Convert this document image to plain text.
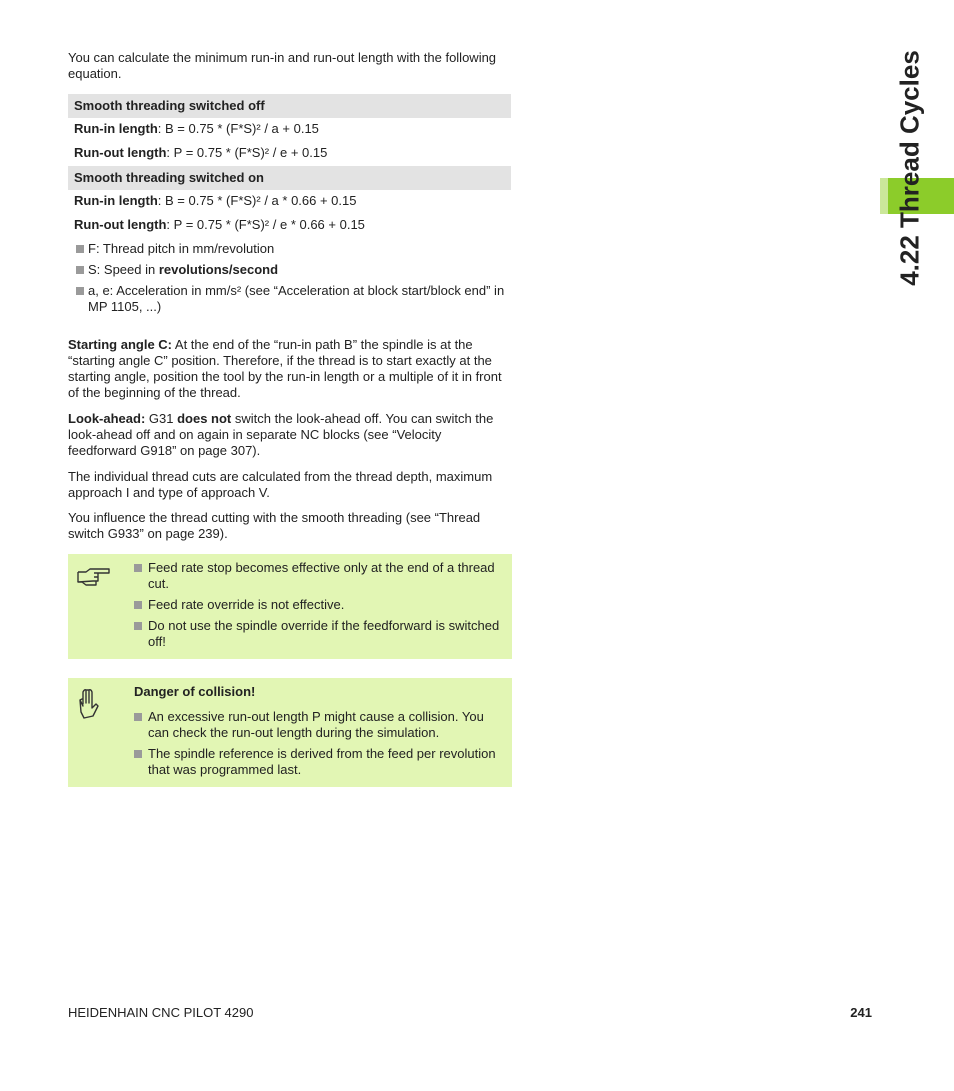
You can calculate the minimum run-in and run-out length with the following equation.

Smooth threading switched off
Run-in length: B = 0.75 * (F*S)² / a + 0.15
Run-out length: P = 0.75 * (F*S)² / e + 0.15
Smooth threading switched on
Run-in length: B = 0.75 * (F*S)² / a * 0.66 + 0.15
Run-out length: P = 0.75 * (F*S)² / e * 0.66 + 0.15
F: Thread pitch in mm/revolution
S: Speed in revolutions/second
a, e: Acceleration in mm/s² (see “Acceleration at block start/block end” in MP 1105, ...)

Starting angle C: At the end of the “run-in path B” the spindle is at the “starting angle C” position. Therefore, if the thread is to start exactly at the starting angle, position the tool by the run-in length or a multiple of it in front of the beginning of the thread.

Look-ahead: G31 does not switch the look-ahead off. You can switch the look-ahead off and on again in separate NC blocks (see “Velocity feedforward G918” on page 307).

The individual thread cuts are calculated from the thread depth, maximum approach I and type of approach V.

You influence the thread cutting with the smooth threading (see “Thread switch G933” on page 239).

Feed rate stop becomes effective only at the end of a thread cut.
Feed rate override is not effective.
Do not use the spindle override if the feedforward is switched off!
Danger of collision!
An excessive run-out length P might cause a collision. You can check the run-out length during the simulation.
The spindle reference is derived from the feed per revolution that was programmed last.
4.22 Thread Cycles
HEIDENHAIN CNC PILOT 4290	241
